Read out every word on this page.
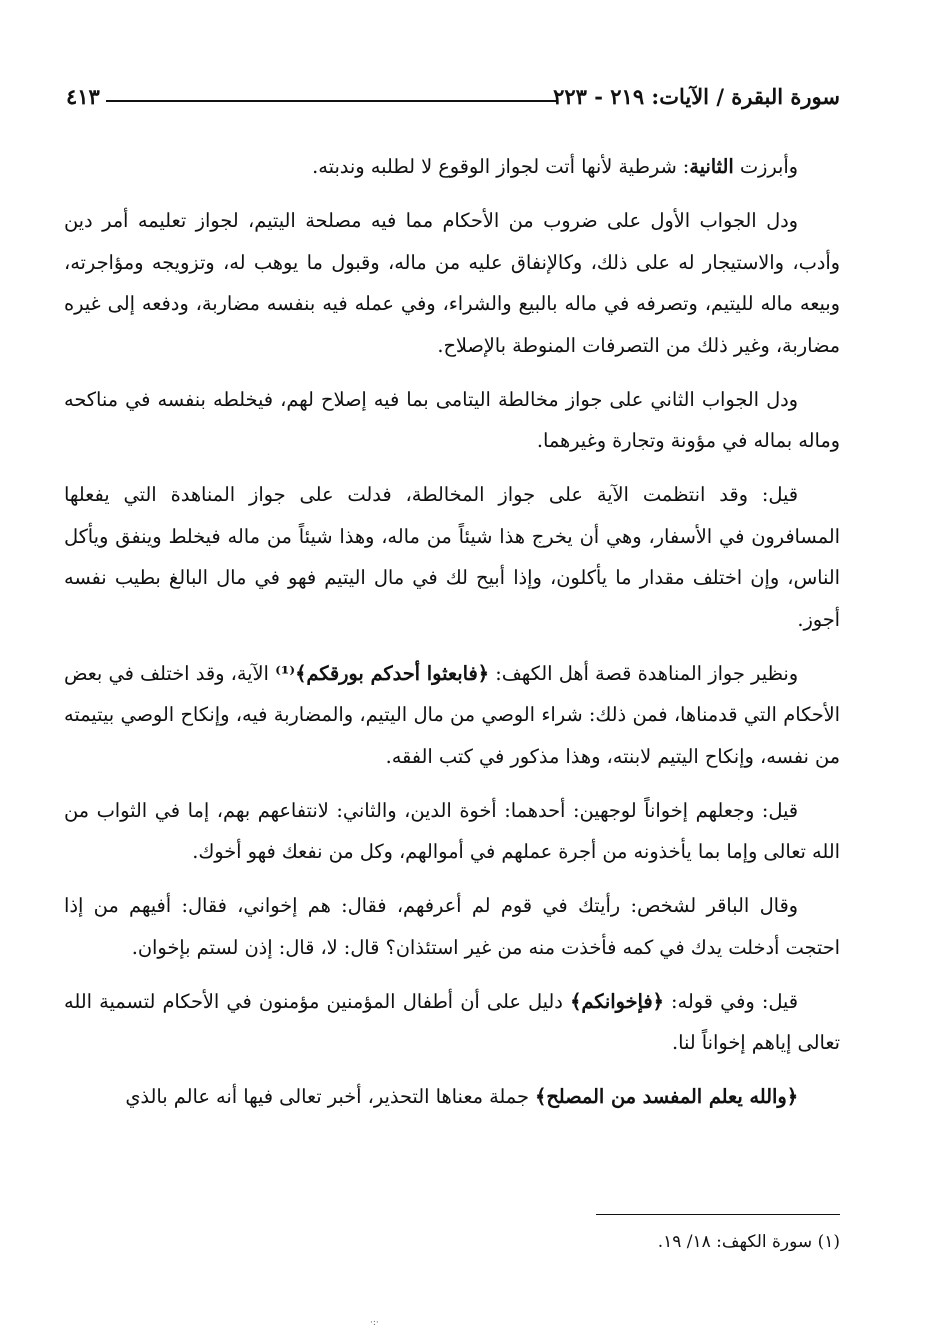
سورة البقرة / الآيات: ٢١٩ - ٢٢٣
٤١٣

وأبرزت الثانية: شرطية لأنها أتت لجواز الوقوع لا لطلبه وندبته.

ودل الجواب الأول على ضروب من الأحكام مما فيه مصلحة اليتيم، لجواز تعليمه أمر دين وأدب، والاستيجار له على ذلك، وكالإنفاق عليه من ماله، وقبول ما يوهب له، وتزويجه ومؤاجرته، وبيعه ماله لليتيم، وتصرفه في ماله بالبيع والشراء، وفي عمله فيه بنفسه مضاربة، ودفعه إلى غيره مضاربة، وغير ذلك من التصرفات المنوطة بالإصلاح.

ودل الجواب الثاني على جواز مخالطة اليتامى بما فيه إصلاح لهم، فيخلطه بنفسه في مناكحه وماله بماله في مؤونة وتجارة وغيرهما.

قيل: وقد انتظمت الآية على جواز المخالطة، فدلت على جواز المناهدة التي يفعلها المسافرون في الأسفار، وهي أن يخرج هذا شيئاً من ماله، وهذا شيئاً من ماله فيخلط وينفق ويأكل الناس، وإن اختلف مقدار ما يأكلون، وإذا أبيح لك في مال اليتيم فهو في مال البالغ بطيب نفسه أجوز.

ونظير جواز المناهدة قصة أهل الكهف: ﴿فابعثوا أحدكم بورقكم﴾⁽¹⁾ الآية، وقد اختلف في بعض الأحكام التي قدمناها، فمن ذلك: شراء الوصي من مال اليتيم، والمضاربة فيه، وإنكاح الوصي بيتيمته من نفسه، وإنكاح اليتيم لابنته، وهذا مذكور في كتب الفقه.

قيل: وجعلهم إخواناً لوجهين: أحدهما: أخوة الدين، والثاني: لانتفاعهم بهم، إما في الثواب من الله تعالى وإما بما يأخذونه من أجرة عملهم في أموالهم، وكل من نفعك فهو أخوك.

وقال الباقر لشخص: رأيتك في قوم لم أعرفهم، فقال: هم إخواني، فقال: أفيهم من إذا احتجت أدخلت يدك في كمه فأخذت منه من غير استئذان؟ قال: لا، قال: إذن لستم بإخوان.

قيل: وفي قوله: ﴿فإخوانكم﴾ دليل على أن أطفال المؤمنين مؤمنون في الأحكام لتسمية الله تعالى إياهم إخواناً لنا.

﴿والله يعلم المفسد من المصلح﴾ جملة معناها التحذير، أخبر تعالى فيها أنه عالم بالذي

(١) سورة الكهف: ١٨/ ١٩.
·:·
